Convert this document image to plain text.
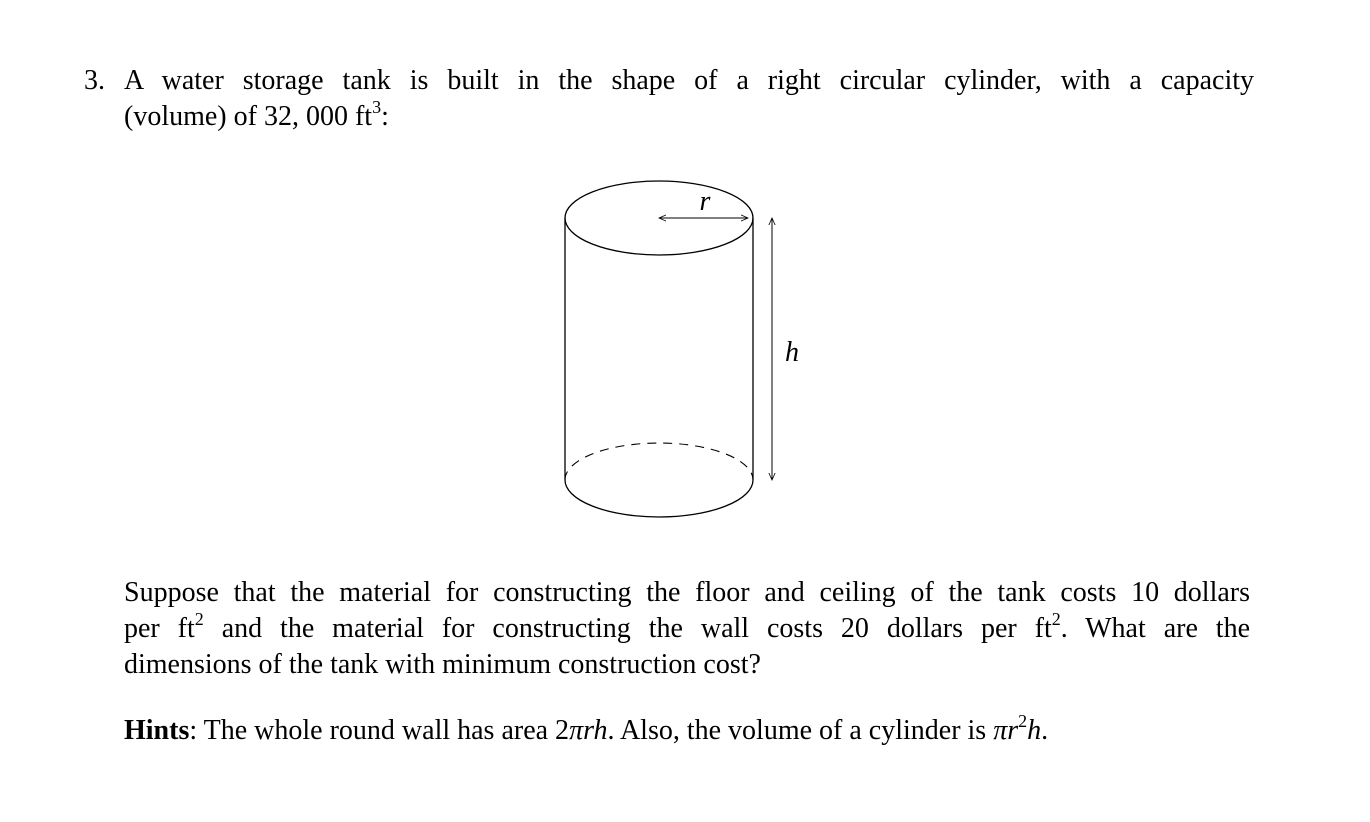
3. A water storage tank is built in the shape of a right circular cylinder, with a capacity
(volume) of 32, 000 $ft^3$:
r
h
Suppose that the material for constructing the floor and ceiling of the tank costs 10 dollars
per $ft^2$ and the material for constructing the wall costs 20 dollars per $ft^2$. What are the
dimensions of the tank with minimum construction cost?
Hints: The whole round wall has area 2πrh. Also, the volume of a cylinder is $\pi r^2h$.
